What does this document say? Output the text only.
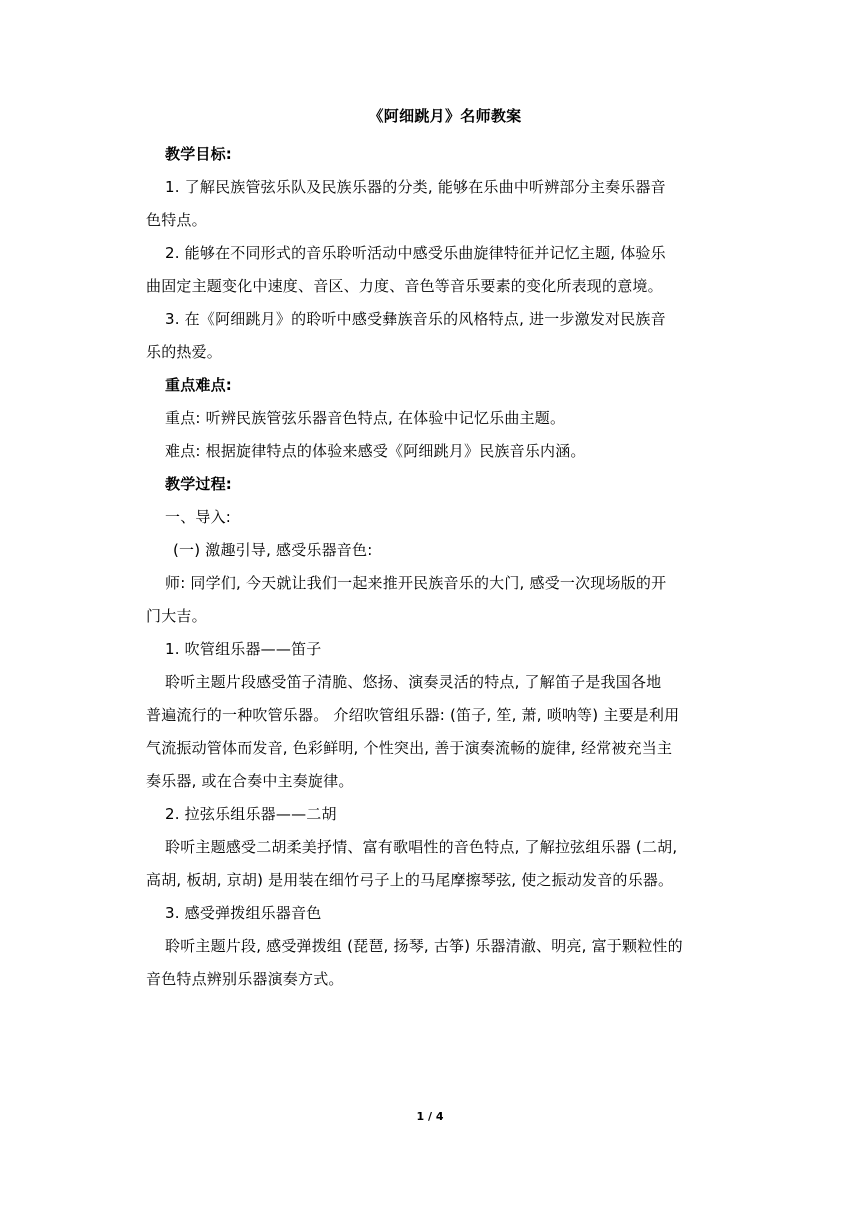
《阿细跳月》名师教案
教学目标:
1. 了解民族管弦乐队及民族乐器的分类, 能够在乐曲中听辨部分主奏乐器音
色特点。
2. 能够在不同形式的音乐聆听活动中感受乐曲旋律特征并记忆主题, 体验乐
曲固定主题变化中速度、音区、力度、音色等音乐要素的变化所表现的意境。
3. 在《阿细跳月》的聆听中感受彝族音乐的风格特点, 进一步激发对民族音
乐的热爱。
重点难点:
重点: 听辨民族管弦乐器音色特点, 在体验中记忆乐曲主题。
难点: 根据旋律特点的体验来感受《阿细跳月》民族音乐内涵。
教学过程:
一、导入:
(一) 激趣引导, 感受乐器音色:
师: 同学们, 今天就让我们一起来推开民族音乐的大门, 感受一次现场版的开
门大吉。
1. 吹管组乐器——笛子
聆听主题片段感受笛子清脆、悠扬、演奏灵活的特点, 了解笛子是我国各地
普遍流行的一种吹管乐器。 介绍吹管组乐器: (笛子, 笙, 萧, 唢呐等) 主要是利用
气流振动管体而发音, 色彩鲜明, 个性突出, 善于演奏流畅的旋律, 经常被充当主
奏乐器, 或在合奏中主奏旋律。
2. 拉弦乐组乐器——二胡
聆听主题感受二胡柔美抒情、富有歌唱性的音色特点, 了解拉弦组乐器 (二胡,
高胡, 板胡, 京胡) 是用装在细竹弓子上的马尾摩擦琴弦, 使之振动发音的乐器。
3. 感受弹拨组乐器音色
聆听主题片段, 感受弹拨组 (琵琶, 扬琴, 古筝) 乐器清澈、明亮, 富于颗粒性的
音色特点辨别乐器演奏方式。
1 / 4
